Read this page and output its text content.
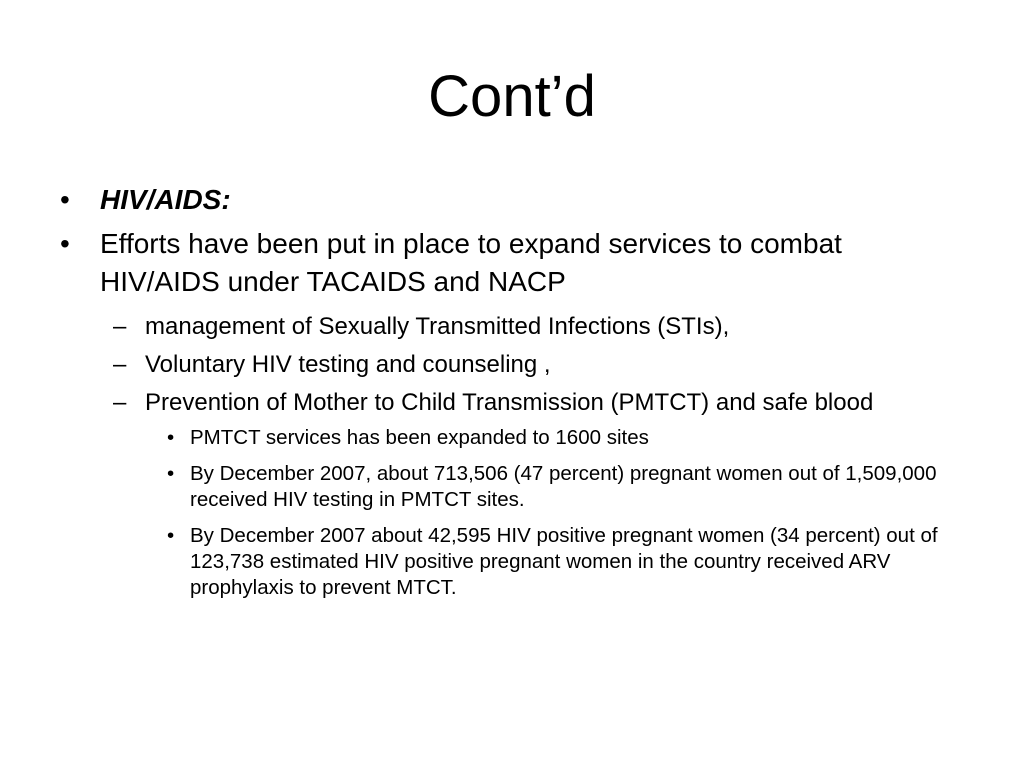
Cont’d
• HIV/AIDS:
• Efforts have been put in place to expand services to combat HIV/AIDS under TACAIDS and NACP
– management of Sexually Transmitted Infections (STIs),
– Voluntary HIV testing and counseling ,
– Prevention of Mother to Child Transmission (PMTCT) and safe blood
• PMTCT services has been expanded to 1600 sites
• By December 2007, about 713,506 (47 percent) pregnant women out of 1,509,000 received HIV testing in PMTCT sites.
• By December 2007 about 42,595 HIV positive pregnant women (34 percent) out of 123,738 estimated HIV positive pregnant women in the country received ARV prophylaxis to prevent MTCT.
